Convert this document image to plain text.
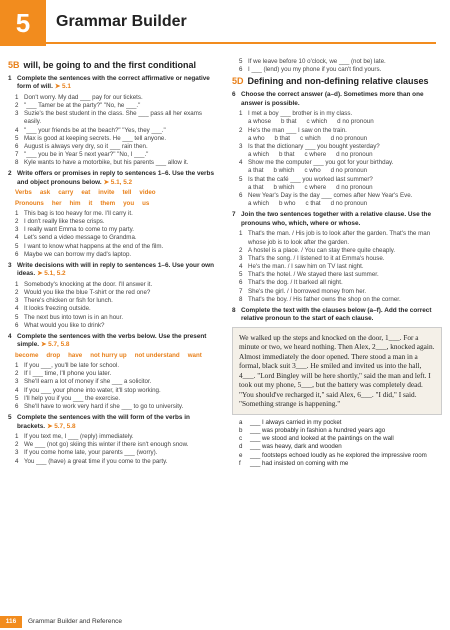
5	Grammar Builder
5B will, be going to and the first conditional
1 Complete the sentences with the correct affirmative or negative form of will. ➤ 5.1
1 Don't worry. My dad ___ pay for our tickets.
2 "___ Tamer be at the party?" "No, he ___."
3 Suzie's the best student in the class. She ___ pass all her exams easily.
4 "___ your friends be at the beach?" "Yes, they ___."
5 Max is good at keeping secrets. He ___ tell anyone.
6 August is always very dry, so it ___ rain then.
7 "___ you be in Year 5 next year?" "No, I ___."
8 Kyle wants to have a motorbike, but his parents ___ allow it.
2 Write offers or promises in reply to sentences 1–6. Use the verbs and object pronouns below. ➤ 5.1, 5.2
Verbs ask carry eat invite tell video
Pronouns her him it them you us
1 This bag is too heavy for me. I'll carry it.
2 I don't really like these crisps.
3 I really want Emma to come to my party.
4 Let's send a video message to Grandma.
5 I want to know what happens at the end of the film.
6 Maybe we can borrow my dad's laptop.
3 Write decisions with will in reply to sentences 1–6. Use your own ideas. ➤ 5.1, 5.2
1 Somebody's knocking at the door. I'll answer it.
2 Would you like the blue T-shirt or the red one?
3 There's chicken or fish for lunch.
4 It looks freezing outside.
5 The next bus into town is in an hour.
6 What would you like to drink?
4 Complete the sentences with the verbs below. Use the present simple. ➤ 5.7, 5.8
become drop have not hurry up not understand want
1 If you ___, you'll be late for school.
2 If I ___ time, I'll phone you later.
3 She'll earn a lot of money if she ___ a solicitor.
4 If you ___ your phone into water, it'll stop working.
5 I'll help you if you ___ the exercise.
6 She'll have to work very hard if she ___ to go to university.
5 Complete the sentences with the will form of the verbs in brackets. ➤ 5.7, 5.8
1 If you text me, I ___ (reply) immediately.
2 We ___ (not go) skiing this winter if there isn't enough snow.
3 If you come home late, your parents ___ (worry).
4 You ___ (have) a great time if you come to the party.
5 If we leave before 10 o'clock, we ___ (not be) late.
6 I ___ (lend) you my phone if you can't find yours.
5D Defining and non-defining relative clauses
6 Choose the correct answer (a–d). Sometimes more than one answer is possible.
1 I met a boy ___ brother is in my class.
a whose b that c which d no pronoun
2 He's the man ___ I saw on the train.
a who b that c which d no pronoun
3 Is that the dictionary ___ you bought yesterday?
a which b that c where d no pronoun
4 Show me the computer ___ you got for your birthday.
a that b which c who d no pronoun
5 Is that the café ___ you worked last summer?
a that b which c where d no pronoun
6 New Year's Day is the day ___ comes after New Year's Eve.
a which b who c that d no pronoun
7 Join the two sentences together with a relative clause. Use the pronouns who, which, where or whose.
1 That's the man. / His job is to look after the garden. That's the man whose job is to look after the garden.
2 A hostel is a place. / You can stay there quite cheaply.
3 That's the song. / I listened to it at Emma's house.
4 He's the man. / I saw him on TV last night.
5 That's the hotel. / We stayed there last summer.
6 That's the dog. / It barked all night.
7 She's the girl. / I borrowed money from her.
8 That's the boy. / His father owns the shop on the corner.
8 Complete the text with the clauses below (a–f). Add the correct relative pronoun to the start of each clause.
We walked up the steps and knocked on the door, 1___. For a minute or two, we heard nothing. Then Alex, 2___, knocked again. Almost immediately the door opened. There stood a man in a formal, black suit 3___. He smiled and invited us into the hall, 4___. "Lord Bingley will be here shortly," said the man and left. I took out my phone, 5___, but the battery was completely dead. "You should've recharged it," said Alex, 6___. "I did," I said. "Something strange is happening."
a	___ I always carried in my pocket
b	___ was probably in fashion a hundred years ago
c	___ we stood and looked at the paintings on the wall
d	___ was heavy, dark and wooden
e	___ footsteps echoed loudly as he explored the impressive room
f	___ had insisted on coming with me
116	Grammar Builder and Reference
